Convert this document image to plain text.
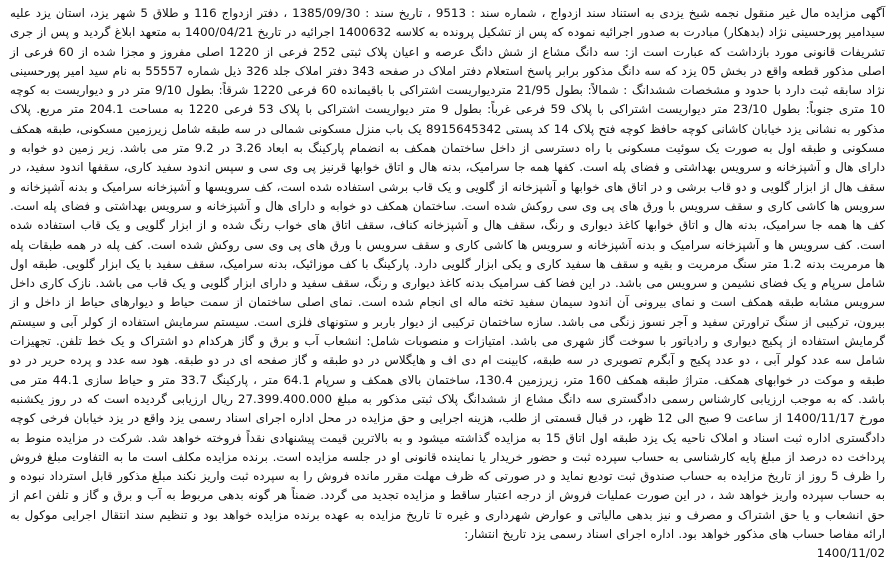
آگهی مزایده مال غیر منقول نجمه شیخ یزدی به استناد سند ازدواج ، شماره سند : 9513 ، تاریخ سند : 1385/09/30 ، دفتر ازدواج 116 و طلاق 5 شهر یزد، استان یزد علیه سیدامیر پورحسینی نژاد (بدهکار) مبادرت به صدور اجرائیه نموده که پس از تشکیل پرونده به کلاسه 1400632 اجرائیه در تاریخ 1400/04/21 به متعهد ابلاغ گردید و پس از جری تشریفات قانونی مورد بازداشت که عبارت است از: سه دانگ مشاع از شش دانگ عرصه و اعیان پلاک ثبتی 252 فرعی از 1220 اصلی مفروز و مجزا شده از 60 فرعی از اصلی مذکور قطعه واقع در بخش 05 یزد که سه دانگ مذکور برابر پاسخ استعلام دفتر املاک در صفحه 343 دفتر املاک جلد 326 ذیل شماره 55557 به نام سید امیر پورحسینی نژاد سابقه ثبت دارد با حدود و مشخصات ششدانگ : شمالاً: بطول 21/95 متردیواریست اشتراکی با باقیمانده 60 فرعی 1220 شرقاً: بطول 9/10 متر در و دیواریست به کوچه 10 متری جنوباً: بطول 23/10 متر دیواریست اشتراکی با پلاک 59 فرعی غرباً: بطول 9 متر دیواریست اشتراکی با پلاک 53 فرعی 1220 به مساحت 204.1 متر مربع. پلاک مذکور به نشانی یزد خیابان کاشانی کوچه حافظ کوچه فتح پلاک 14 کد پستی 8915645342 یک باب منزل مسکونی شمالی در سه طبقه شامل زیرزمین مسکونی، طبقه همکف مسکونی و طبقه اول به صورت یک سوئیت مسکونی با راه دسترسی از داخل ساختمان همکف به انضمام پارکینگ به ابعاد 3.26 در 9.2 متر می باشد. زیر زمین دو خوابه و دارای هال و آشپزخانه و سرویس بهداشتی و فضای پله است. کفها همه جا سرامیک، بدنه هال و اتاق خوابها قرنیز پی وی سی و سپس اندود سفید کاری، سقفها اندود سفید، در سقف هال از ابزار گلویی و دو قاب برشی و در اتاق های خوابها و آشپزخانه از گلویی و یک قاب برشی استفاده شده است، کف سرویسها و آشپزخانه سرامیک و بدنه آشپزخانه و سرویس ها کاشی کاری و سقف سرویس با ورق های پی وی سی روکش شده است. ساختمان همکف دو خوابه و دارای هال و آشپزخانه و سرویس بهداشتی و فضای پله است. کف ها همه جا سرامیک، بدنه هال و اتاق خوابها کاغذ دیواری و رنگ، سقف هال و آشپزخانه کناف، سقف اتاق های خواب رنگ شده و از ابزار گلویی و یک قاب استفاده شده است. کف سرویس ها و آشپزخانه سرامیک و بدنه آشپزخانه و سرویس ها کاشی کاری و سقف سرویس با ورق های پی وی سی روکش شده است. کف پله در همه طبقات پله ها مرمریت بدنه 1.2 متر سنگ مرمریت و بقیه و سقف ها سفید کاری و یکی ابزار گلویی دارد. پارکینگ با کف موزائیک، بدنه سرامیک، سقف سفید با یک ابزار گلویی. طبقه اول شامل سرپام و یک فضای نشیمن و سرویس می باشد. در این فضا کف سرامیک بدنه کاغذ دیواری و رنگ، سقف سفید و دارای ابزار گلویی و یک قاب می باشد. نازک کاری داخل سرویس مشابه طبقه همکف است و نمای بیرونی آن اندود سیمان سفید تخته ماله ای انجام شده است. نمای اصلی ساختمان از سمت حیاط و دیوارهای حیاط از داخل و از بیرون، ترکیبی از سنگ تراورتن سفید و آجر نسوز زنگی می باشد. سازه ساختمان ترکیبی از دیوار باربر و ستونهای فلزی است. سیستم سرمایش استفاده از کولر آبی و سیستم گرمایش استفاده از پکیج دیواری و رادیاتور با سوخت گاز شهری می باشد. امتیازات و منصوبات شامل: انشعاب آب و برق و گاز هرکدام دو اشتراک و یک خط تلفن. تجهیزات شامل سه عدد کولر آبی ، دو عدد پکیج و آبگرم تصویری در سه طبقه، کابینت ام دی اف و هایگلاس در دو طبقه و گاز صفحه ای در دو طبقه. هود سه عدد و پرده حریر در دو طبقه و موکت در خوابهای همکف. متراژ طبقه همکف 160 متر، زیرزمین 130.4، ساختمان بالای همکف و سرپام 64.1 متر ، پارکینگ 33.7 متر و حیاط سازی 44.1 متر می باشد. که به موجب ارزیابی کارشناس رسمی دادگستری سه دانگ مشاع از ششدانگ پلاک ثبتی مذکور به مبلغ 27.399.400.000 ریال ارزیابی گردیده است که در روز یکشنبه مورخ 1400/11/17 از ساعت 9 صبح الی 12 ظهر، در قبال قسمتی از طلب، هزینه اجرایی و حق مزایده در محل اداره اجرای اسناد رسمی یزد واقع در یزد خیابان فرخی کوچه دادگستری اداره ثبت اسناد و املاک ناحیه یک یزد طبقه اول اتاق 15 به مزایده گذاشته میشود و به بالاترین قیمت پیشنهادی نقداً فروخته خواهد شد. شرکت در مزایده منوط به پرداخت ده درصد از مبلغ پایه کارشناسی به حساب سپرده ثبت و حضور خریدار یا نماینده قانونی او در جلسه مزایده است. برنده مزایده مکلف است ما به التفاوت مبلغ فروش را ظرف 5 روز از تاریخ مزایده به حساب صندوق ثبت تودیع نماید و در صورتی که ظرف مهلت مقرر مانده فروش را به سپرده ثبت واریز نکند مبلغ مذکور قابل استرداد نبوده و به حساب سپرده واریز خواهد شد ، در این صورت عملیات فروش از درجه اعتبار ساقط و مزایده تجدید می گردد. ضمناً هر گونه بدهی مربوط به آب و برق و گاز و تلفن اعم از حق انشعاب و یا حق اشتراک و مصرف و نیز بدهی مالیاتی و عوارض شهرداری و غیره تا تاریخ مزایده به عهده برنده مزایده خواهد بود و تنظیم سند انتقال اجرایی موکول به ارائه مفاصا حساب های مذکور خواهد بود. اداره اجرای اسناد رسمی یزد تاریخ انتشار:

1400/11/02
